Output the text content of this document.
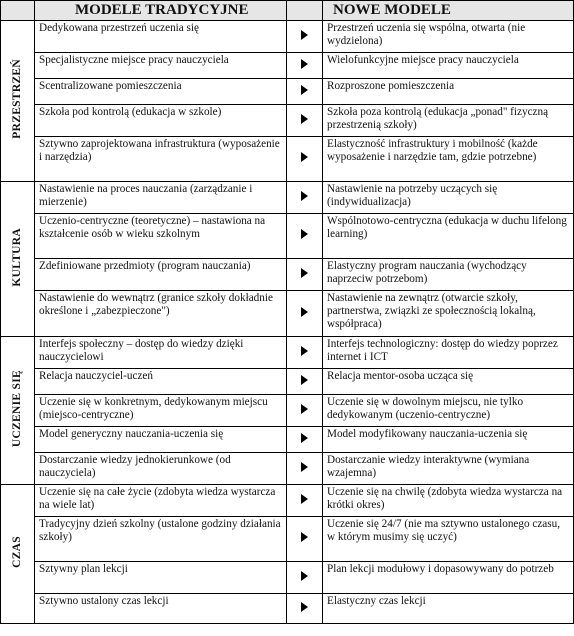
	MODELE TRADYCYJNE		NOWE MODELE
PRZESTRZEŃ	Dedykowana przestrzeń uczenia się		Przestrzeń uczenia się wspólna, otwarta (nie wydzielona)
	Specjalistyczne miejsce pracy nauczyciela		Wielofunkcyjne miejsce pracy nauczyciela
	Scentralizowane pomieszczenia		Rozproszone pomieszczenia
	Szkoła pod kontrolą (edukacja w szkole)		Szkoła poza kontrolą (edukacja „ponad" fizyczną przestrzenią szkoły)
	Sztywno zaprojektowana infrastruktura (wyposażenie i narzędzia)		Elastyczność infrastruktury i mobilność (każde wyposażenie i narzędzie tam, gdzie potrzebne)
KULTURA	Nastawienie na proces nauczania (zarządzanie i mierzenie)		Nastawienie na potrzeby uczących się (indywidualizacja)
	Uczenio-centryczne (teoretyczne) – nastawiona na kształcenie osób w wieku szkolnym		Wspólnotowo-centryczna (edukacja w duchu lifelong learning)
	Zdefiniowane przedmioty (program nauczania)		Elastyczny program nauczania (wychodzący naprzeciw potrzebom)
	Nastawienie do wewnątrz (granice szkoły dokładnie określone i „zabezpieczone")		Nastawienie na zewnątrz (otwarcie szkoły, partnerstwa, związki ze społecznością lokalną, współpraca)
UCZENIE SIĘ	Interfejs społeczny – dostęp do wiedzy dzięki nauczycielowi		Interfejs technologiczny: dostęp do wiedzy poprzez internet i ICT
	Relacja nauczyciel-uczeń		Relacja mentor-osoba ucząca się
	Uczenie się w konkretnym, dedykowanym miejscu (miejsco-centryczne)		Uczenie się w dowolnym miejscu, nie tylko dedykowanym (uczenio-centryczne)
	Model generyczny nauczania-uczenia się		Model modyfikowany nauczania-uczenia się
	Dostarczanie wiedzy jednokierunkowe (od nauczyciela)		Dostarczanie wiedzy interaktywne (wymiana wzajemna)
CZAS	Uczenie się na całe życie (zdobyta wiedza wystarcza na wiele lat)		Uczenie się na chwilę (zdobyta wiedza wystarcza na krótki okres)
	Tradycyjny dzień szkolny (ustalone godziny działania szkoły)		Uczenie się 24/7 (nie ma sztywno ustalonego czasu, w którym musimy się uczyć)
	Sztywny plan lekcji		Plan lekcji modułowy i dopasowywany do potrzeb
	Sztywno ustalony czas lekcji		Elastyczny czas lekcji
